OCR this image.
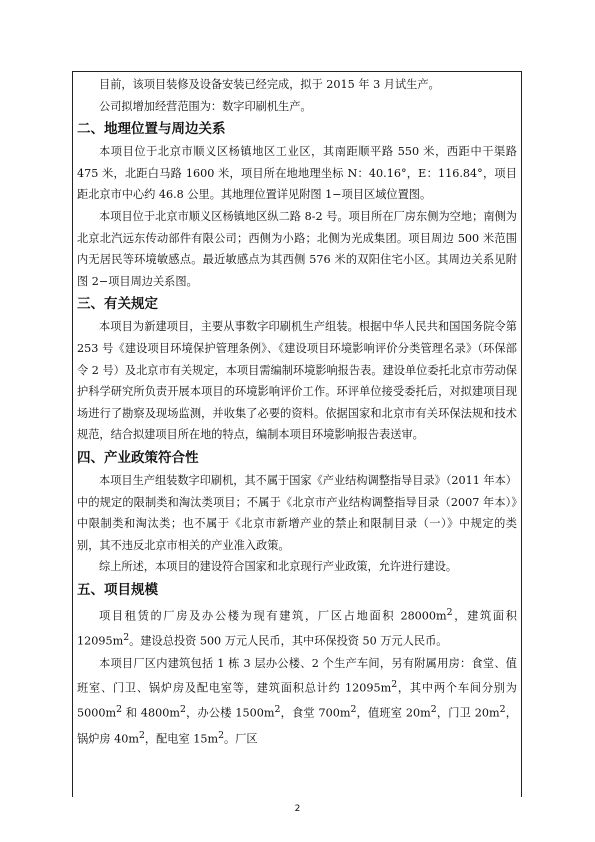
目前，该项目装修及设备安装已经完成，拟于 2015 年 3 月试生产。

公司拟增加经营范围为：数字印刷机生产。

二、地理位置与周边关系

本项目位于北京市顺义区杨镇地区工业区，其南距顺平路 550 米，西距中干渠路 475 米，北距白马路 1600 米，项目所在地地理坐标 N：40.16°，E：116.84°，项目距北京市中心约 46.8 公里。其地理位置详见附图 1−项目区域位置图。

本项目位于北京市顺义区杨镇地区纵二路 8-2 号。项目所在厂房东侧为空地；南侧为北京北汽远东传动部件有限公司；西侧为小路；北侧为光成集团。项目周边 500 米范围内无居民等环境敏感点。最近敏感点为其西侧 576 米的双阳住宅小区。其周边关系见附图 2−项目周边关系图。

三、有关规定

本项目为新建项目，主要从事数字印刷机生产组装。根据中华人民共和国国务院令第 253 号《建设项目环境保护管理条例》、《建设项目环境影响评价分类管理名录》（环保部令 2 号）及北京市有关规定，本项目需编制环境影响报告表。建设单位委托北京市劳动保护科学研究所负责开展本项目的环境影响评价工作。环评单位接受委托后，对拟建项目现场进行了勘察及现场监测，并收集了必要的资料。依据国家和北京市有关环保法规和技术规范，结合拟建项目所在地的特点，编制本项目环境影响报告表送审。

四、产业政策符合性

本项目生产组装数字印刷机，其不属于国家《产业结构调整指导目录》（2011 年本）中的规定的限制类和淘汰类项目；不属于《北京市产业结构调整指导目录（2007 年本）》中限制类和淘汰类；也不属于《北京市新增产业的禁止和限制目录（一）》中规定的类别，其不违反北京市相关的产业准入政策。

综上所述，本项目的建设符合国家和北京现行产业政策，允许进行建设。

五、项目规模

项目租赁的厂房及办公楼为现有建筑，厂区占地面积 $28000m^2$，建筑面积 $12095m^2$。建设总投资 500 万元人民币，其中环保投资 50 万元人民币。

本项目厂区内建筑包括 1 栋 3 层办公楼、2 个生产车间，另有附属用房：食堂、值班室、门卫、锅炉房及配电室等，建筑面积总计约 $12095m^2$，其中两个车间分别为 $5000m^2$ 和 $4800m^2$，办公楼 $1500m^2$，食堂 $700m^2$，值班室 $20m^2$，门卫 $20m^2$，锅炉房 $40m^2$，配电室 $15m^2$。厂区

2
